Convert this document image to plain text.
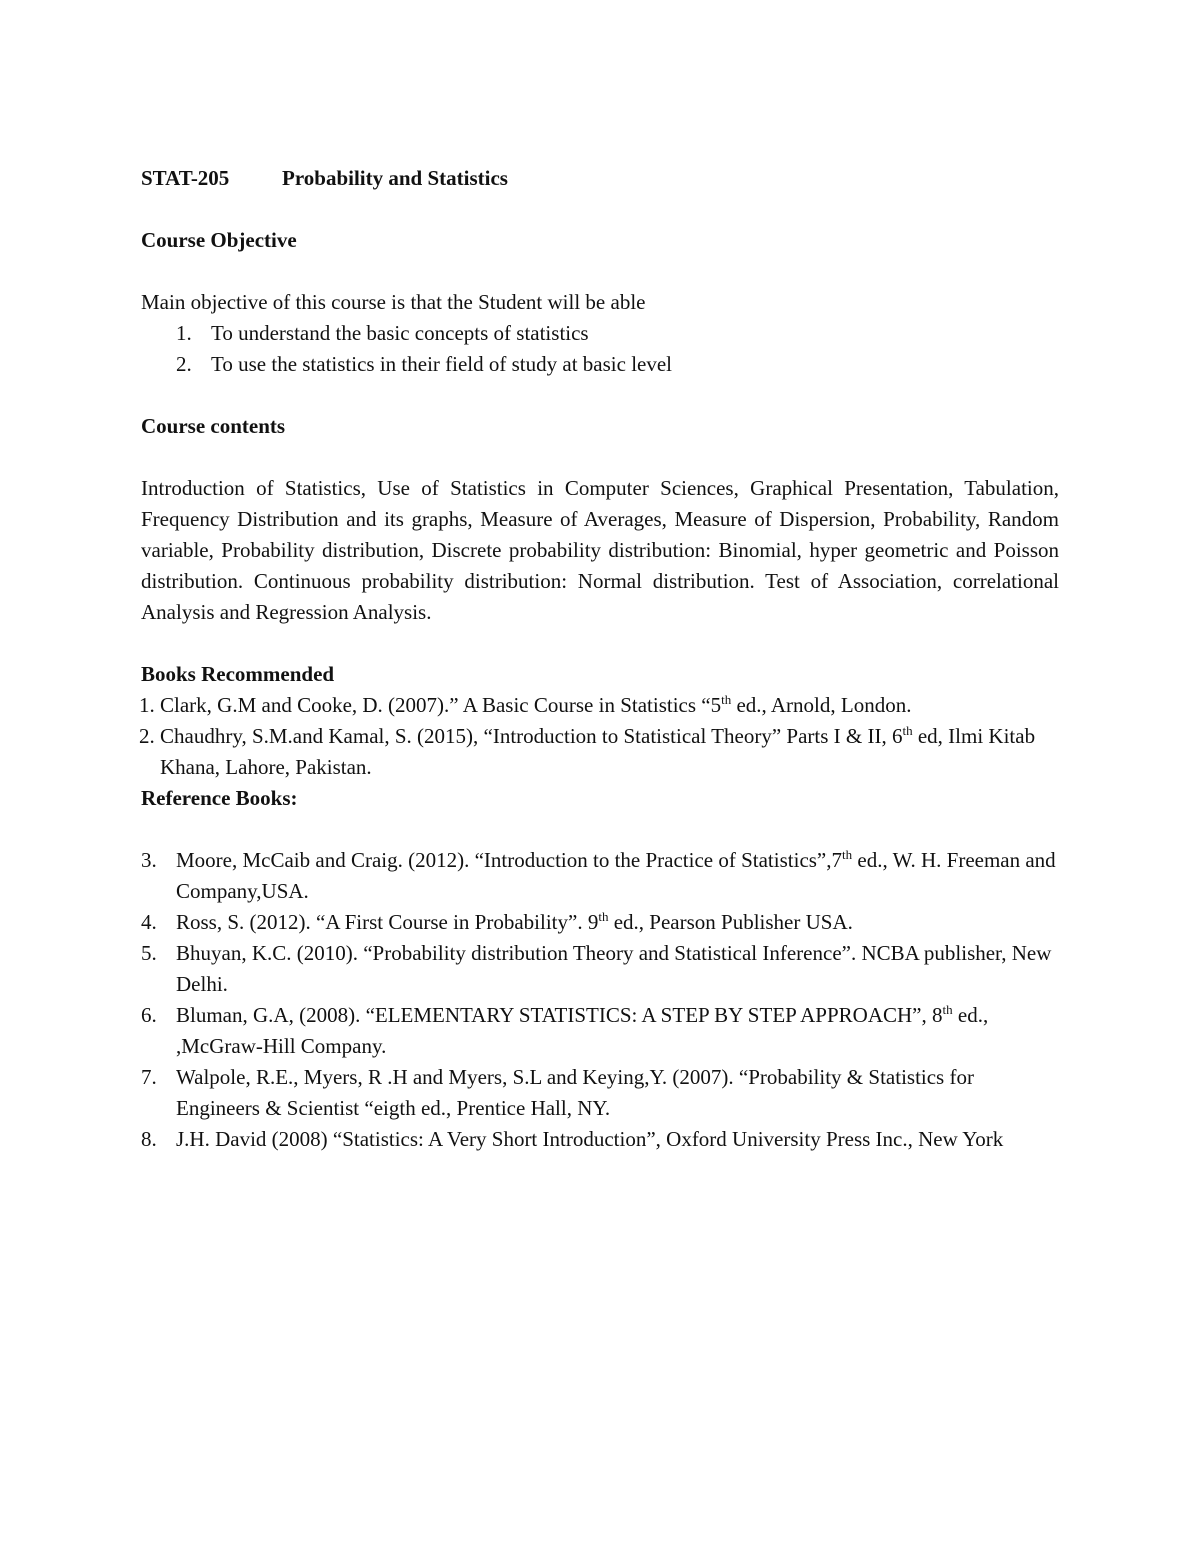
STAT-205	Probability and Statistics

Course Objective

Main objective of this course is that the Student will be able

1. To understand the basic concepts of statistics
2. To use the statistics in their field of study at basic level

Course contents

Introduction of Statistics, Use of Statistics in Computer Sciences, Graphical Presentation, Tabulation, Frequency Distribution and its graphs, Measure of Averages, Measure of Dispersion, Probability, Random variable, Probability distribution, Discrete probability distribution: Binomial, hyper geometric and Poisson distribution. Continuous probability distribution: Normal distribution. Test of Association, correlational Analysis and Regression Analysis.

Books Recommended

1. Clark, G.M and Cooke, D. (2007).” A Basic Course in Statistics “5th ed., Arnold, London.
2. Chaudhry, S.M.and Kamal, S. (2015), “Introduction to Statistical Theory” Parts I & II, 6th ed, Ilmi Kitab Khana, Lahore, Pakistan.

Reference Books:

3. Moore, McCaib and Craig. (2012). “Introduction to the Practice of Statistics”,7th ed., W. H. Freeman and Company,USA.
4. Ross, S. (2012). “A First Course in Probability”. 9th ed., Pearson Publisher USA.
5. Bhuyan, K.C. (2010). “Probability distribution Theory and Statistical Inference”. NCBA publisher, New Delhi.
6. Bluman, G.A, (2008). “ELEMENTARY STATISTICS: A STEP BY STEP APPROACH”, 8th ed., ,McGraw-Hill Company.
7. Walpole, R.E., Myers, R .H and Myers, S.L and Keying,Y. (2007). “Probability & Statistics for Engineers & Scientist “eigth ed., Prentice Hall, NY.
8. J.H. David (2008) “Statistics: A Very Short Introduction”, Oxford University Press Inc., New York
